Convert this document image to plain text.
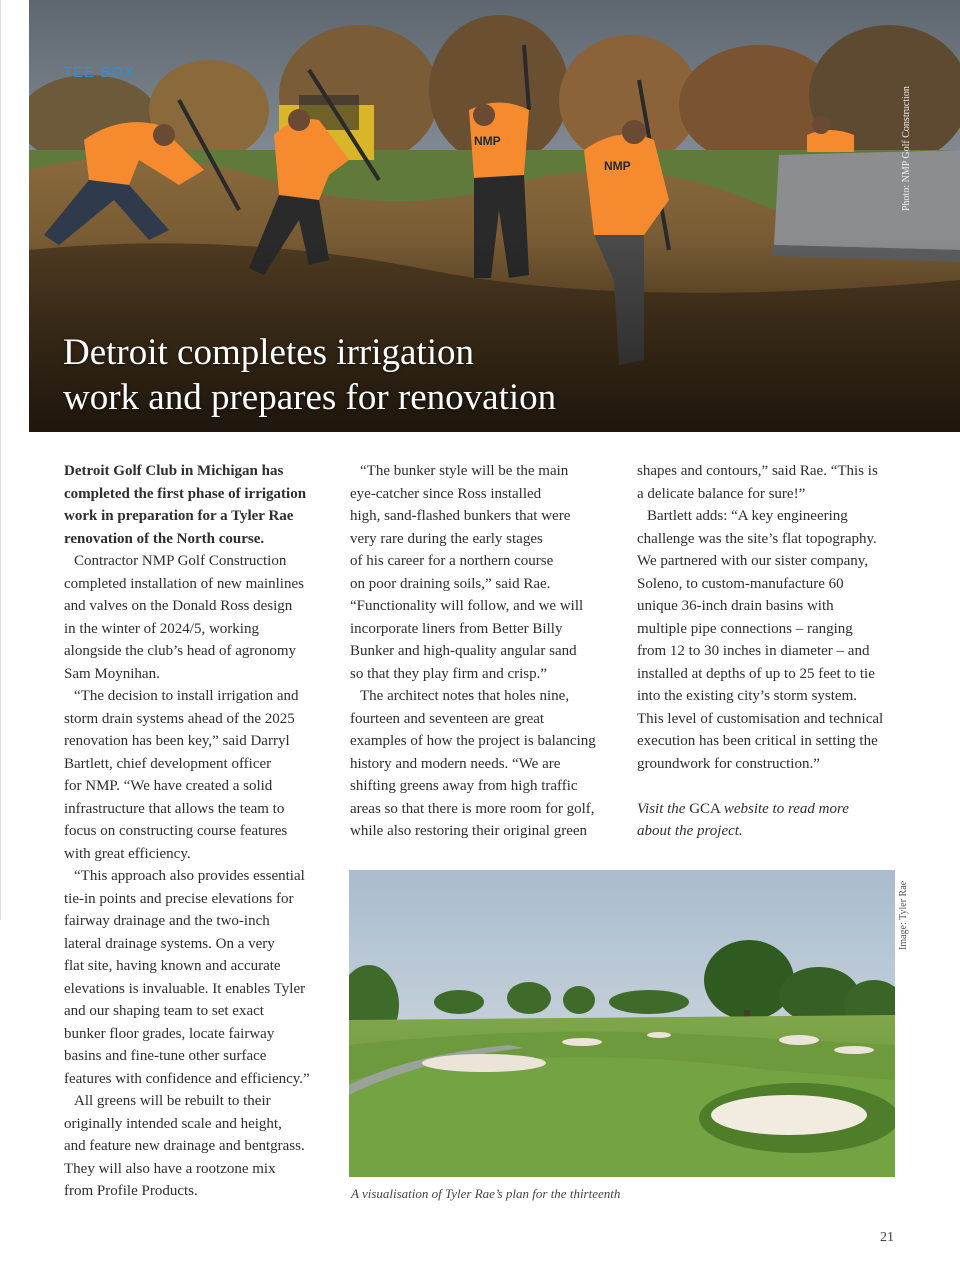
TEE BOX
Photo: NMP Golf Construction
Detroit completes irrigation
work and prepares for renovation
Detroit Golf Club in Michigan has
completed the first phase of irrigation
work in preparation for a Tyler Rae
renovation of the North course.
Contractor NMP Golf Construction
completed installation of new mainlines
and valves on the Donald Ross design
in the winter of 2024/5, working
alongside the club’s head of agronomy
Sam Moynihan.
“The decision to install irrigation and
storm drain systems ahead of the 2025
renovation has been key,” said Darryl
Bartlett, chief development officer
for NMP. “We have created a solid
infrastructure that allows the team to
focus on constructing course features
with great efficiency.
“This approach also provides essential
tie-in points and precise elevations for
fairway drainage and the two-inch
lateral drainage systems. On a very
flat site, having known and accurate
elevations is invaluable. It enables Tyler
and our shaping team to set exact
bunker floor grades, locate fairway
basins and fine-tune other surface
features with confidence and efficiency.”
All greens will be rebuilt to their
originally intended scale and height,
and feature new drainage and bentgrass.
They will also have a rootzone mix
from Profile Products.
“The bunker style will be the main
eye-catcher since Ross installed
high, sand-flashed bunkers that were
very rare during the early stages
of his career for a northern course
on poor draining soils,” said Rae.
“Functionality will follow, and we will
incorporate liners from Better Billy
Bunker and high-quality angular sand
so that they play firm and crisp.”
The architect notes that holes nine,
fourteen and seventeen are great
examples of how the project is balancing
history and modern needs. “We are
shifting greens away from high traffic
areas so that there is more room for golf,
while also restoring their original green
shapes and contours,” said Rae. “This is
a delicate balance for sure!”
Bartlett adds: “A key engineering
challenge was the site’s flat topography.
We partnered with our sister company,
Soleno, to custom-manufacture 60
unique 36-inch drain basins with
multiple pipe connections – ranging
from 12 to 30 inches in diameter – and
installed at depths of up to 25 feet to tie
into the existing city’s storm system.
This level of customisation and technical
execution has been critical in setting the
groundwork for construction.”
Visit the GCA website to read more
about the project.
Image: Tyler Rae
A visualisation of Tyler Rae’s plan for the thirteenth
21
